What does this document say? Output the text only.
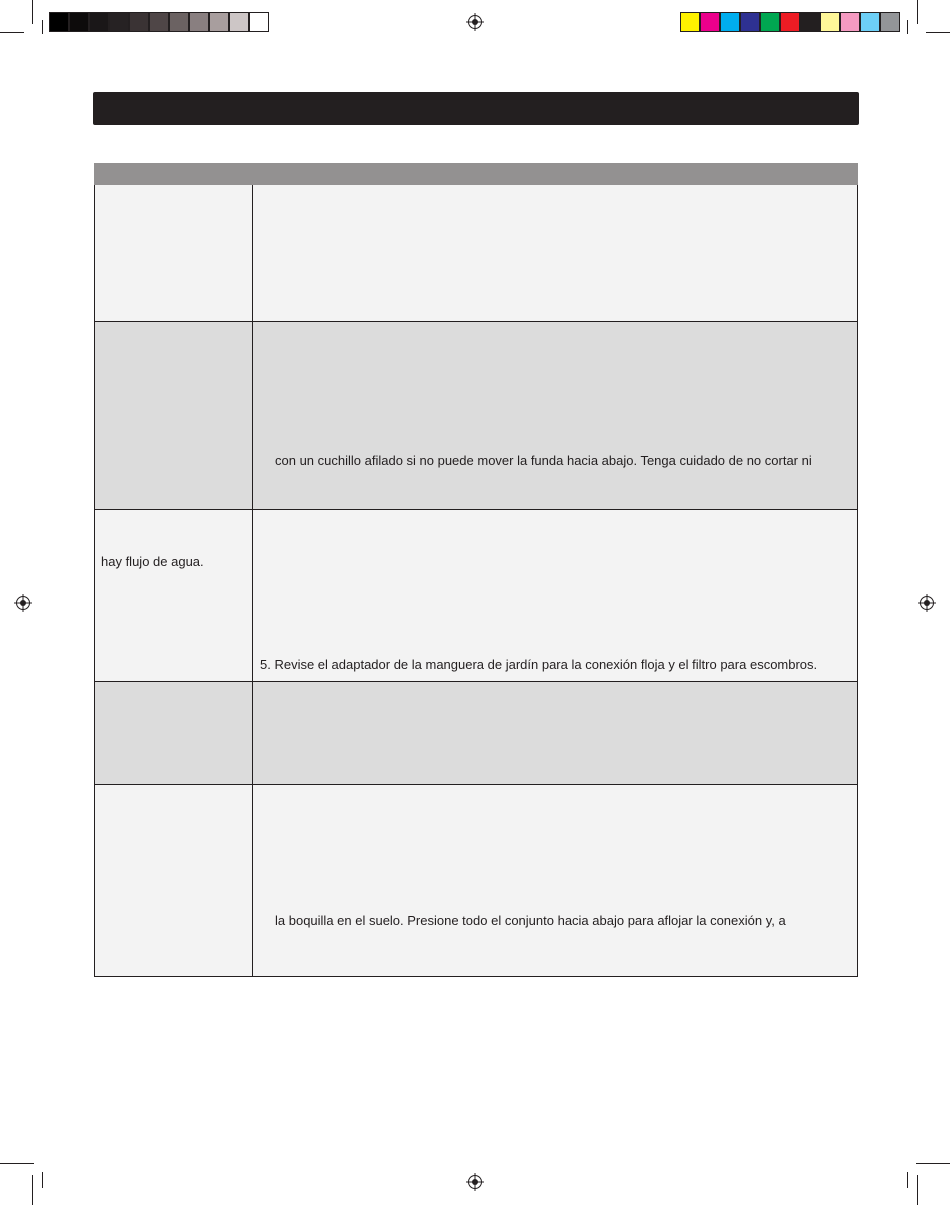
con un cuchillo afilado si no puede mover la funda hacia abajo. Tenga cuidado de no cortar ni
hay flujo de agua.
5. Revise el adaptador de la manguera de jardín para la conexión floja y el filtro para escombros.
la boquilla en el suelo. Presione todo el conjunto hacia abajo para aflojar la conexión y, a
